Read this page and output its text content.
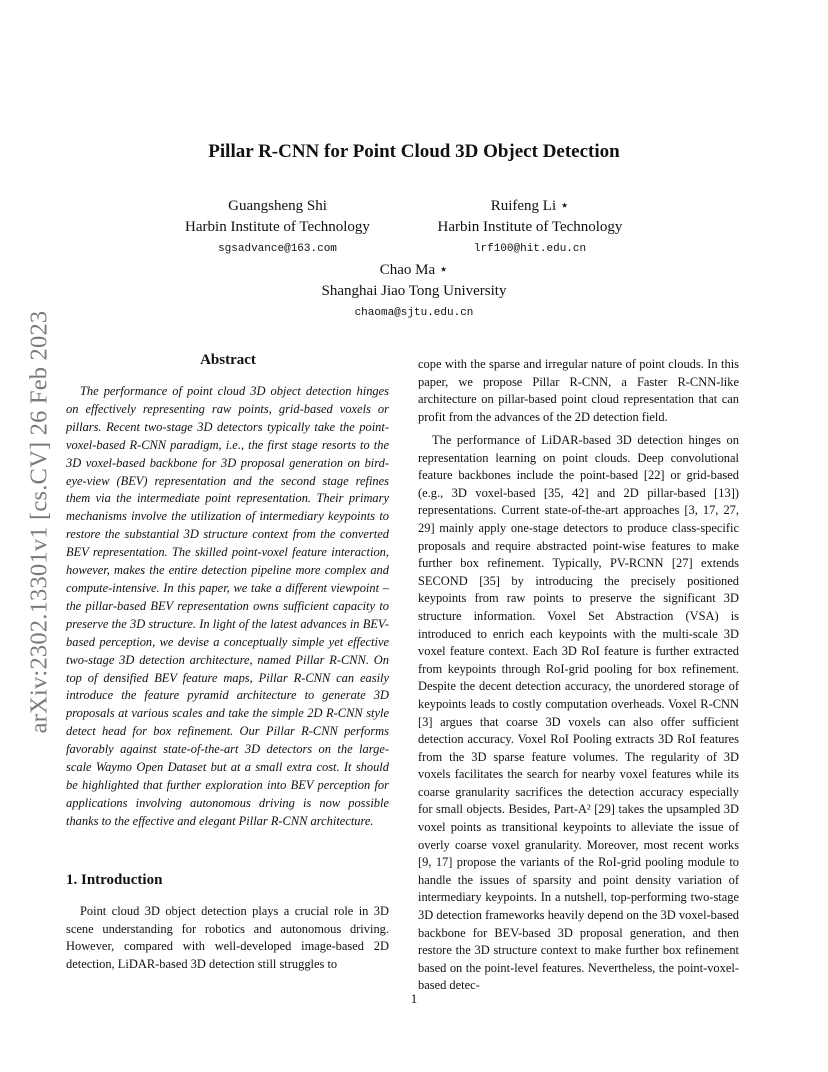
arXiv:2302.13301v1 [cs.CV] 26 Feb 2023
Pillar R-CNN for Point Cloud 3D Object Detection
Guangsheng Shi
Harbin Institute of Technology
sgsadvance@163.com
Ruifeng Li ⋆
Harbin Institute of Technology
lrf100@hit.edu.cn
Chao Ma ⋆
Shanghai Jiao Tong University
chaoma@sjtu.edu.cn
Abstract

The performance of point cloud 3D object detection hinges on effectively representing raw points, grid-based voxels or pillars. Recent two-stage 3D detectors typically take the point-voxel-based R-CNN paradigm, i.e., the first stage resorts to the 3D voxel-based backbone for 3D proposal generation on bird-eye-view (BEV) representation and the second stage refines them via the intermediate point representation. Their primary mechanisms involve the utilization of intermediary keypoints to restore the substantial 3D structure context from the converted BEV representation. The skilled point-voxel feature interaction, however, makes the entire detection pipeline more complex and compute-intensive. In this paper, we take a different viewpoint – the pillar-based BEV representation owns sufficient capacity to preserve the 3D structure. In light of the latest advances in BEV-based perception, we devise a conceptually simple yet effective two-stage 3D detection architecture, named Pillar R-CNN. On top of densified BEV feature maps, Pillar R-CNN can easily introduce the feature pyramid architecture to generate 3D proposals at various scales and take the simple 2D R-CNN style detect head for box refinement. Our Pillar R-CNN performs favorably against state-of-the-art 3D detectors on the large-scale Waymo Open Dataset but at a small extra cost. It should be highlighted that further exploration into BEV perception for applications involving autonomous driving is now possible thanks to the effective and elegant Pillar R-CNN architecture.

1. Introduction

Point cloud 3D object detection plays a crucial role in 3D scene understanding for robotics and autonomous driving. However, compared with well-developed image-based 2D detection, LiDAR-based 3D detection still struggles to

cope with the sparse and irregular nature of point clouds. In this paper, we propose Pillar R-CNN, a Faster R-CNN-like architecture on pillar-based point cloud representation that can profit from the advances of the 2D detection field.

The performance of LiDAR-based 3D detection hinges on representation learning on point clouds. Deep convolutional feature backbones include the point-based [22] or grid-based (e.g., 3D voxel-based [35, 42] and 2D pillar-based [13]) representations. Current state-of-the-art approaches [3, 17, 27, 29] mainly apply one-stage detectors to produce class-specific proposals and require abstracted point-wise features to make further box refinement. Typically, PV-RCNN [27] extends SECOND [35] by introducing the precisely positioned keypoints from raw points to preserve the significant 3D structure information. Voxel Set Abstraction (VSA) is introduced to enrich each keypoints with the multi-scale 3D voxel feature context. Each 3D RoI feature is further extracted from keypoints through RoI-grid pooling for box refinement. Despite the decent detection accuracy, the unordered storage of keypoints leads to costly computation overheads. Voxel R-CNN [3] argues that coarse 3D voxels can also offer sufficient detection accuracy. Voxel RoI Pooling extracts 3D RoI features from the 3D sparse feature volumes. The regularity of 3D voxels facilitates the search for nearby voxel features while its coarse granularity sacrifices the detection accuracy especially for small objects. Besides, Part-A² [29] takes the upsampled 3D voxel points as transitional keypoints to alleviate the issue of overly coarse voxel granularity. Moreover, most recent works [9, 17] propose the variants of the RoI-grid pooling module to handle the issues of sparsity and point density variation of intermediary keypoints. In a nutshell, top-performing two-stage 3D detection frameworks heavily depend on the 3D voxel-based backbone for BEV-based 3D proposal generation, and then restore the 3D structure context to make further box refinement based on the point-level features. Nevertheless, the point-voxel-based detec-

1
